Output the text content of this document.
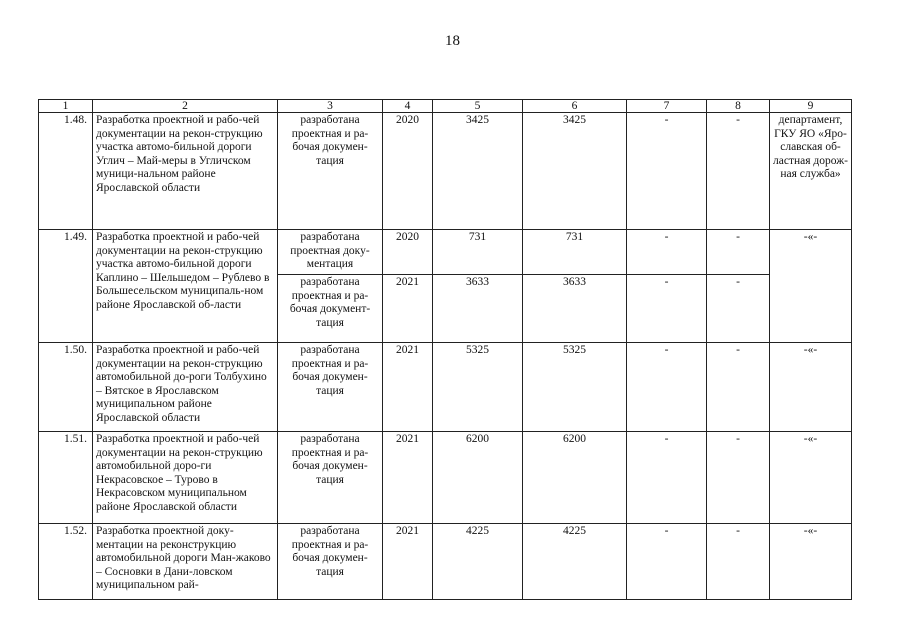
18
1	2	3	4	5	6	7	8	9
1.48.	Разработка проектной и рабо-чей документации на рекон-струкцию участка автомо-бильной дороги Углич – Май-меры в Угличском муници-нальном районе Ярославской области	разработана проектная и ра-бочая докумен-тация	2020	3425	3425	-	-	департамент, ГКУ ЯО «Яро-славская об-ластная дорож-ная служба»
1.49.	Разработка проектной и рабо-чей документации на рекон-струкцию участка автомо-бильной дороги Каплино – Шельшедом – Рублево в Большесельском муниципаль-ном районе Ярославской об-ласти	разработана проектная доку-ментация	2020	731	731	-	-	-«-
		разработана проектная и ра-бочая документ-тация	2021	3633	3633	-	-	
1.50.	Разработка проектной и рабо-чей документации на рекон-струкцию автомобильной до-роги Толбухино – Вятское в Ярославском муниципальном районе Ярославской области	разработана проектная и ра-бочая докумен-тация	2021	5325	5325	-	-	-«-
1.51.	Разработка проектной и рабо-чей документации на рекон-струкцию автомобильной доро-ги Некрасовское – Турово в Некрасовском муниципальном районе Ярославской области	разработана проектная и ра-бочая докумен-тация	2021	6200	6200	-	-	-«-
1.52.	Разработка проектной доку-ментации на реконструкцию автомобильной дороги Ман-жаково – Сосновки в Дани-ловском муниципальном рай-	разработана проектная и ра-бочая докумен-тация	2021	4225	4225	-	-	-«-
